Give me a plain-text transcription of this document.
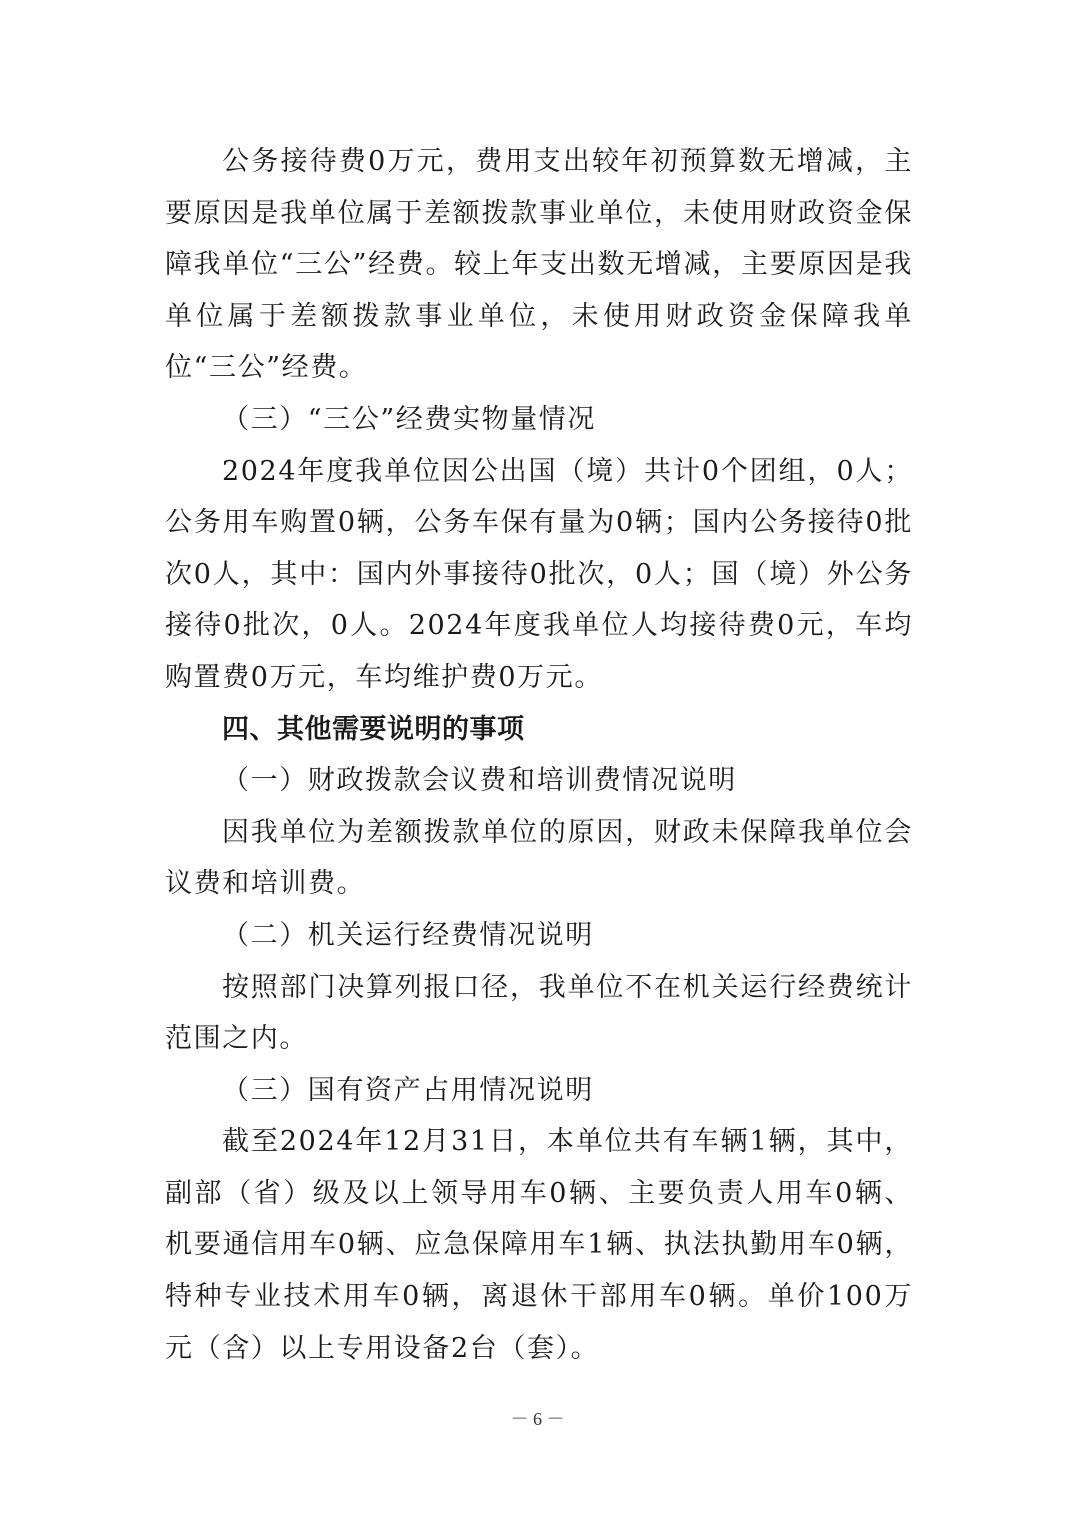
公务接待费0万元，费用支出较年初预算数无增减，主要原因是我单位属于差额拨款事业单位，未使用财政资金保障我单位“三公”经费。较上年支出数无增减，主要原因是我单位属于差额拨款事业单位，未使用财政资金保障我单位“三公”经费。

（三）“三公”经费实物量情况

2024年度我单位因公出国（境）共计0个团组，0人；公务用车购置0辆，公务车保有量为0辆；国内公务接待0批次0人，其中：国内外事接待0批次，0人；国（境）外公务接待0批次，0人。2024年度我单位人均接待费0元，车均购置费0万元，车均维护费0万元。

四、其他需要说明的事项

（一）财政拨款会议费和培训费情况说明

因我单位为差额拨款单位的原因，财政未保障我单位会议费和培训费。

（二）机关运行经费情况说明

按照部门决算列报口径，我单位不在机关运行经费统计范围之内。

（三）国有资产占用情况说明

截至2024年12月31日，本单位共有车辆1辆，其中，副部（省）级及以上领导用车0辆、主要负责人用车0辆、机要通信用车0辆、应急保障用车1辆、执法执勤用车0辆，特种专业技术用车0辆，离退休干部用车0辆。单价100万元（含）以上专用设备2台（套）。

－ 6 －
